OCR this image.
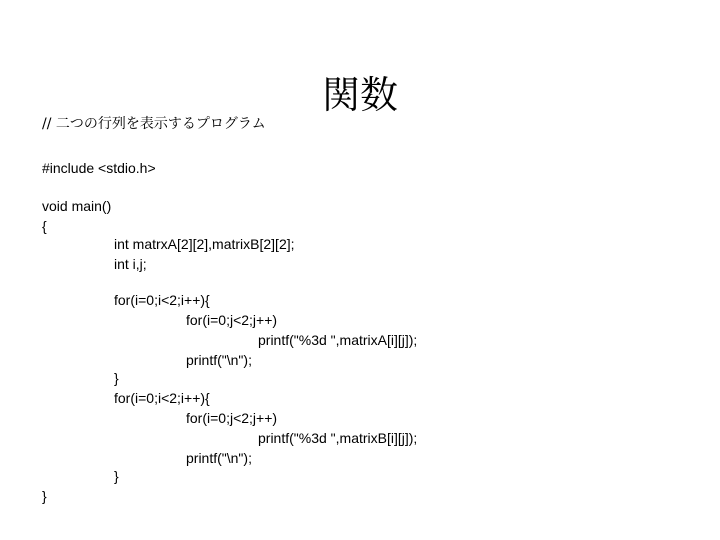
関数
// 二つの行列を表示するプログラム
#include <stdio.h>
void main()
{
int matrxA[2][2],matrixB[2][2];
int i,j;
for(i=0;i<2;i++){
for(i=0;j<2;j++)
printf("%3d ",matrixA[i][j]);
printf("\n");
}
for(i=0;i<2;i++){
for(i=0;j<2;j++)
printf("%3d ",matrixB[i][j]);
printf("\n");
}
}
